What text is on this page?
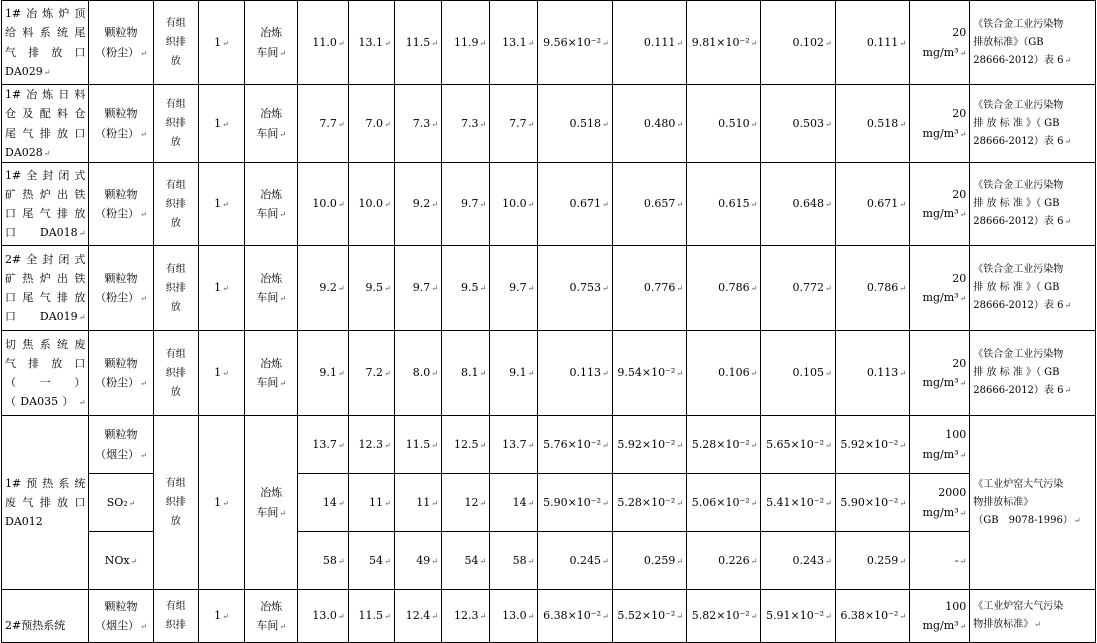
1#冶炼炉顶
给料系统尾
气排放口
DA029↵	颗粒物
（粉尘）↵	有组
织排
放	1↵	冶炼
车间↵	11.0↵	13.1↵	11.5↵	11.9↵	13.1↵	9.56×10⁻²↵	0.111↵	9.81×10⁻²↵	0.102↵	0.111↵	20
mg/m³↵	《铁合金工业污染物
排放标准》（GB
28666-2012）表 6↵
1#冶炼日料
仓及配料仓
尾气排放口
DA028↵	颗粒物
（粉尘）↵	有组
织排
放	1↵	冶炼
车间↵	7.7↵	7.0↵	7.3↵	7.3↵	7.7↵	0.518↵	0.480↵	0.510↵	0.503↵	0.518↵	20
mg/m³↵	《铁合金工业污染物
排 放 标 准 》（ GB
28666-2012）表 6↵
1#全封闭式
矿热炉出铁
口尾气排放
口 DA018↵	颗粒物
（粉尘）↵	有组
织排
放	1↵	冶炼
车间↵	10.0↵	10.0↵	9.2↵	9.7↵	10.0↵	0.671↵	0.657↵	0.615↵	0.648↵	0.671↵	20
mg/m³↵	《铁合金工业污染物
排 放 标 准 》（ GB
28666-2012）表 6↵
2#全封闭式
矿热炉出铁
口尾气排放
口 DA019↵	颗粒物
（粉尘）↵	有组
织排
放	1↵	冶炼
车间↵	9.2↵	9.5↵	9.7↵	9.5↵	9.7↵	0.753↵	0.776↵	0.786↵	0.772↵	0.786↵	20
mg/m³↵	《铁合金工业污染物
排 放 标 准 》（ GB
28666-2012）表 6↵
切焦系统废
气 排 放 口
（一）
（DA035）↵	颗粒物
（粉尘）↵	有组
织排
放	1↵	冶炼
车间↵	9.1↵	7.2↵	8.0↵	8.1↵	9.1↵	0.113↵	9.54×10⁻²↵	0.106↵	0.105↵	0.113↵	20
mg/m³↵	《铁合金工业污染物
排 放 标 准 》（ GB
28666-2012）表 6↵
1#预热系统
废气排放口
DA012	颗粒物
（烟尘）↵	有组
织排
放	1↵	冶炼
车间↵	13.7↵	12.3↵	11.5↵	12.5↵	13.7↵	5.76×10⁻²↵	5.92×10⁻²↵	5.28×10⁻²↵	5.65×10⁻²↵	5.92×10⁻²↵	100
mg/m³↵	《工业炉窑大气污染
物排放标准》
（GB　9078-1996）↵
	SO₂↵				14↵	11↵	11↵	12↵	14↵	5.90×10⁻²↵	5.28×10⁻²↵	5.06×10⁻²↵	5.41×10⁻²↵	5.90×10⁻²↵	2000
mg/m³↵	
	NOx↵				58↵	54↵	49↵	54↵	58↵	0.245↵	0.259↵	0.226↵	0.243↵	0.259↵	-↵	

2#预热系统	颗粒物
（烟尘）↵	有组
织排	1↵	冶炼
车间↵	13.0↵	11.5↵	12.4↵	12.3↵	13.0↵	6.38×10⁻²↵	5.52×10⁻²↵	5.82×10⁻²↵	5.91×10⁻²↵	6.38×10⁻²↵	100
mg/m³↵	《工业炉窑大气污染
物排放标准》↵
